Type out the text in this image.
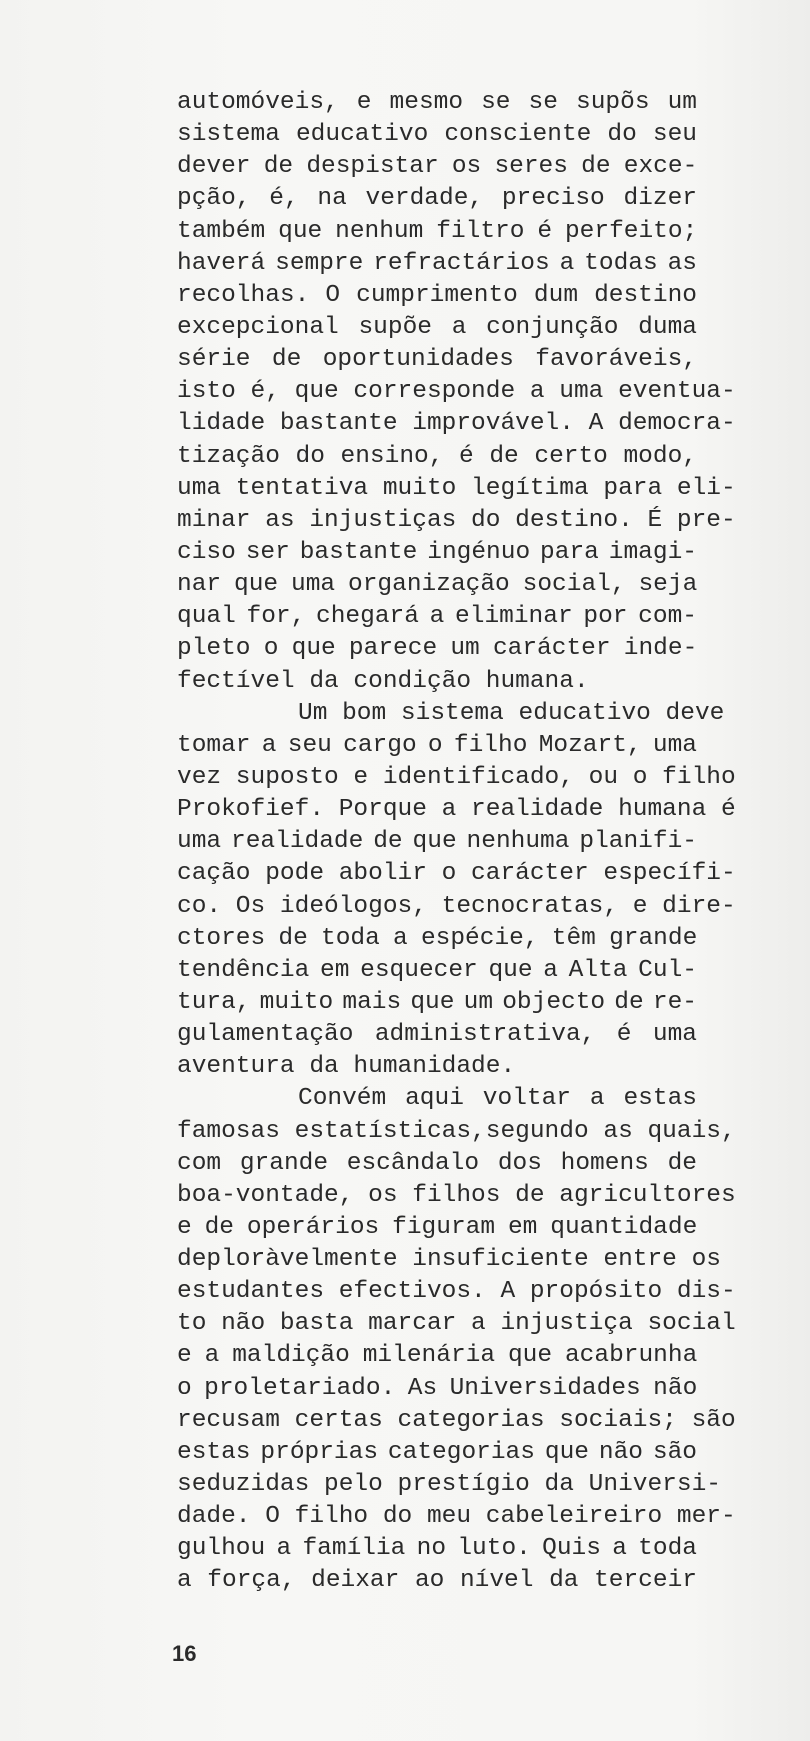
automóveis, e mesmo se se supõs um
sistema educativo consciente do seu
dever de despistar os seres de exce-
pção, é, na verdade, preciso dizer
também que nenhum filtro é perfeito;
haverá sempre refractários a todas as
recolhas. O cumprimento dum destino
excepcional supõe a conjunção duma
série de oportunidades favoráveis,
isto é, que corresponde a uma eventua-
lidade bastante improvável. A democra-
tização do ensino, é de certo modo,
uma tentativa muito legítima para eli-
minar as injustiças do destino. É pre-
ciso ser bastante ingénuo para imagi-
nar que uma organização social, seja
qual for, chegará a eliminar por com-
pleto o que parece um carácter inde-
fectível da condição humana.
Um bom sistema educativo deve
tomar a seu cargo o filho Mozart, uma
vez suposto e identificado, ou o filho
Prokofief. Porque a realidade humana é
uma realidade de que nenhuma planifi-
cação pode abolir o carácter específi-
co. Os ideólogos, tecnocratas, e dire-
ctores de toda a espécie, têm grande
tendência em esquecer que a Alta Cul-
tura, muito mais que um objecto de re-
gulamentação administrativa, é uma
aventura da humanidade.
Convém aqui voltar a estas
famosas estatísticas,segundo as quais,
com grande escândalo dos homens de
boa-vontade, os filhos de agricultores
e de operários figuram em quantidade
deploràvelmente insuficiente entre os
estudantes efectivos. A propósito dis-
to não basta marcar a injustiça social
e a maldição milenária que acabrunha
o proletariado. As Universidades não
recusam certas categorias sociais; são
estas próprias categorias que não são
seduzidas pelo prestígio da Universi-
dade. O filho do meu cabeleireiro mer-
gulhou a família no luto. Quis a toda
a força, deixar ao nível da terceir
16
